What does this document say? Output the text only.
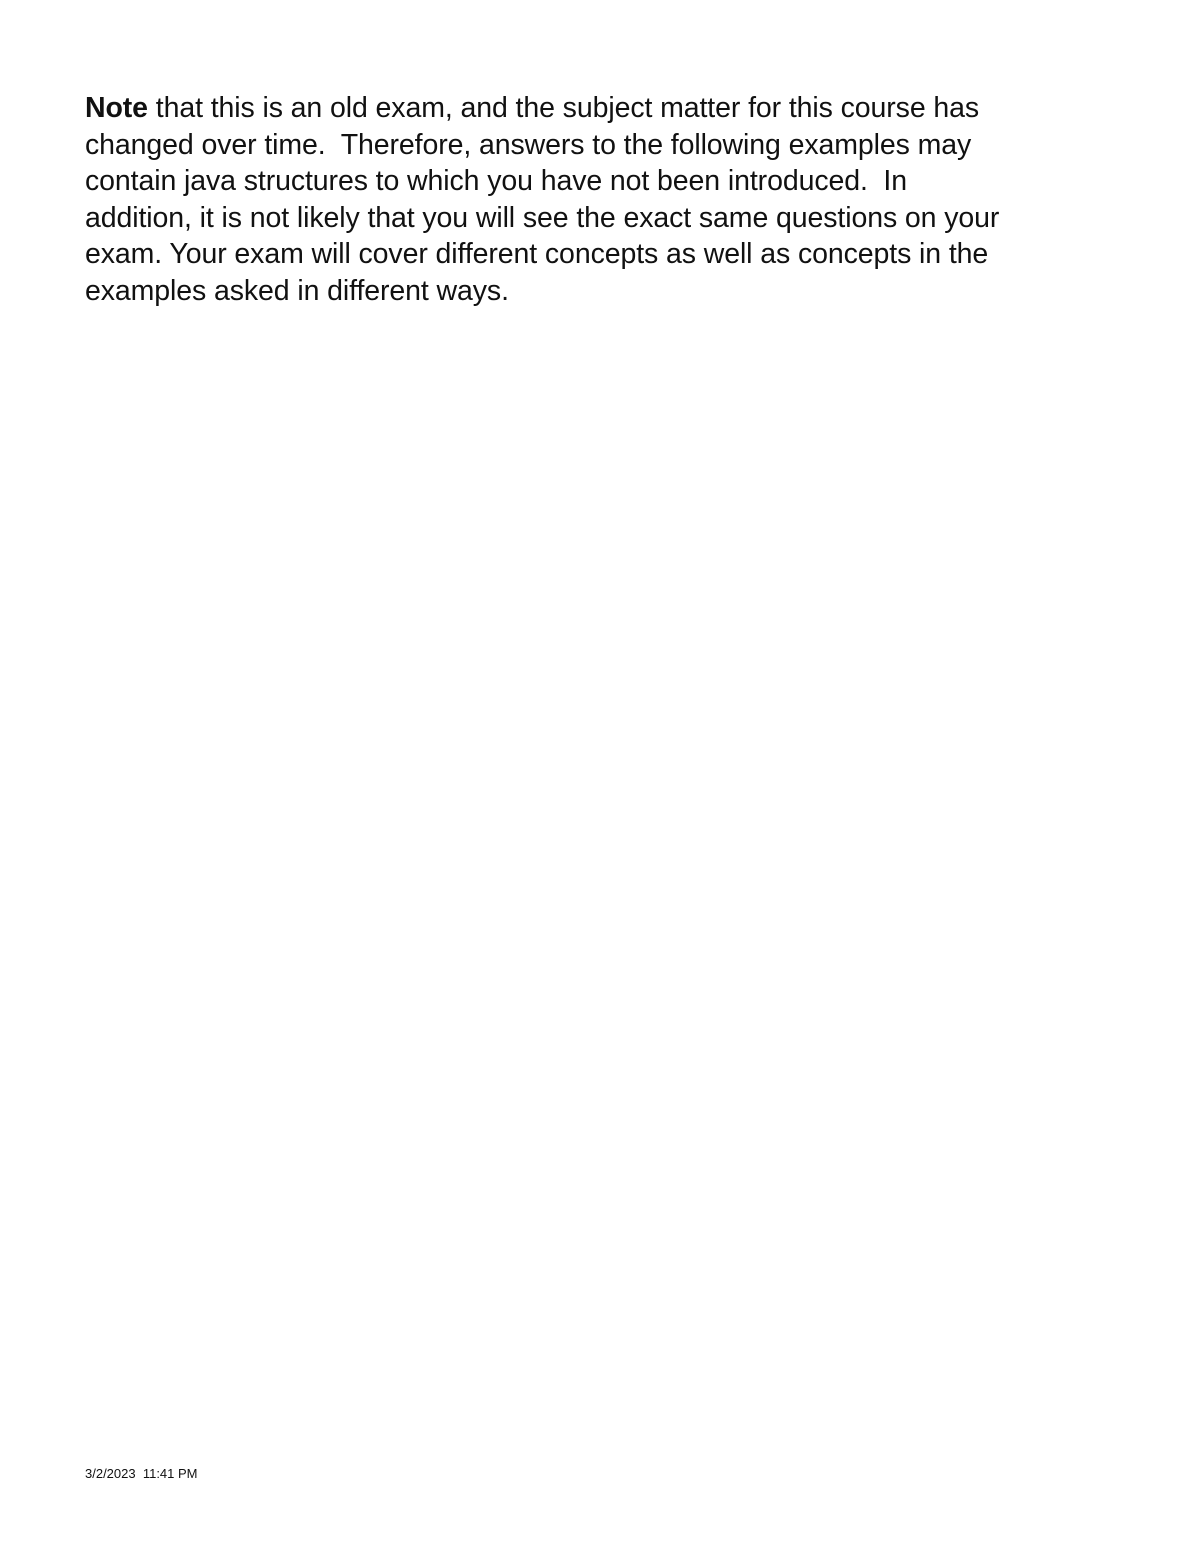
Note that this is an old exam, and the subject matter for this course has
changed over time.  Therefore, answers to the following examples may
contain java structures to which you have not been introduced.  In
addition, it is not likely that you will see the exact same questions on your
exam. Your exam will cover different concepts as well as concepts in the
examples asked in different ways.

3/2/2023  11:41 PM
